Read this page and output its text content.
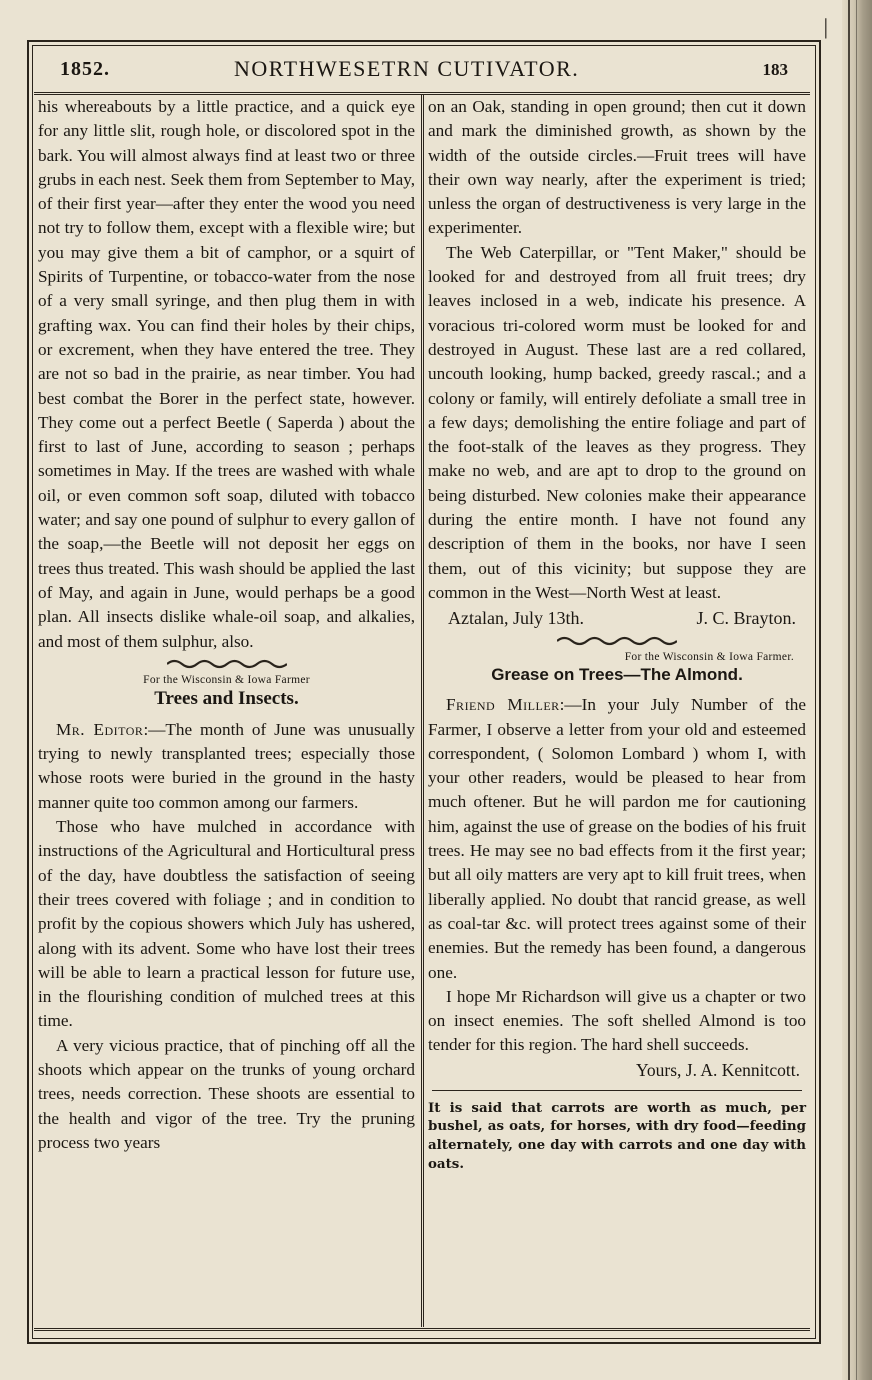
|
1852.	NORTHWESETRN CUTIVATOR.	183

his whereabouts by a little practice, and a quick eye for any little slit, rough hole, or discolored spot in the bark. You will almost always find at least two or three grubs in each nest. Seek them from September to May, of their first year—after they enter the wood you need not try to follow them, except with a flexible wire; but you may give them a bit of camphor, or a squirt of Spirits of Turpentine, or tobacco-water from the nose of a very small syringe, and then plug them in with grafting wax. You can find their holes by their chips, or excrement, when they have entered the tree. They are not so bad in the prairie, as near timber. You had best combat the Borer in the perfect state, however. They come out a perfect Beetle ( Saperda ) about the first to last of June, according to season ; perhaps sometimes in May. If the trees are washed with whale oil, or even common soft soap, diluted with tobacco water; and say one pound of sulphur to every gallon of the soap,—the Beetle will not deposit her eggs on trees thus treated. This wash should be applied the last of May, and again in June, would perhaps be a good plan. All insects dislike whale-oil soap, and alkalies, and most of them sulphur, also.

For the Wisconsin & Iowa Farmer
Trees and Insects.

Mr. Editor:—The month of June was unusually trying to newly transplanted trees; especially those whose roots were buried in the ground in the hasty manner quite too common among our farmers.

Those who have mulched in accordance with instructions of the Agricultural and Horticultural press of the day, have doubtless the satisfaction of seeing their trees covered with foliage ; and in condition to profit by the copious showers which July has ushered, along with its advent. Some who have lost their trees will be able to learn a practical lesson for future use, in the flourishing condition of mulched trees at this time.

A very vicious practice, that of pinching off all the shoots which appear on the trunks of young orchard trees, needs correction. These shoots are essential to the health and vigor of the tree. Try the pruning process two years

on an Oak, standing in open ground; then cut it down and mark the diminished growth, as shown by the width of the outside circles.—Fruit trees will have their own way nearly, after the experiment is tried; unless the organ of destructiveness is very large in the experimenter.

The Web Caterpillar, or "Tent Maker," should be looked for and destroyed from all fruit trees; dry leaves inclosed in a web, indicate his presence. A voracious tri-colored worm must be looked for and destroyed in August. These last are a red collared, uncouth looking, hump backed, greedy rascal.; and a colony or family, will entirely defoliate a small tree in a few days; demolishing the entire foliage and part of the foot-stalk of the leaves as they progress. They make no web, and are apt to drop to the ground on being disturbed. New colonies make their appearance during the entire month. I have not found any description of them in the books, nor have I seen them, out of this vicinity; but suppose they are common in the West—North West at least.

Aztalan, July 13th.	J. C. Brayton.
For the Wisconsin & Iowa Farmer.
Grease on Trees—The Almond.

Friend Miller:—In your July Number of the Farmer, I observe a letter from your old and esteemed correspondent, ( Solomon Lombard ) whom I, with your other readers, would be pleased to hear from much oftener. But he will pardon me for cautioning him, against the use of grease on the bodies of his fruit trees. He may see no bad effects from it the first year; but all oily matters are very apt to kill fruit trees, when liberally applied. No doubt that rancid grease, as well as coal-tar &c. will protect trees against some of their enemies. But the remedy has been found, a dangerous one.

I hope Mr Richardson will give us a chapter or two on insect enemies. The soft shelled Almond is too tender for this region. The hard shell succeeds.

Yours, J. A. Kennitcott.

It is said that carrots are worth as much, per bushel, as oats, for horses, with dry food—feeding alternately, one day with carrots and one day with oats.
